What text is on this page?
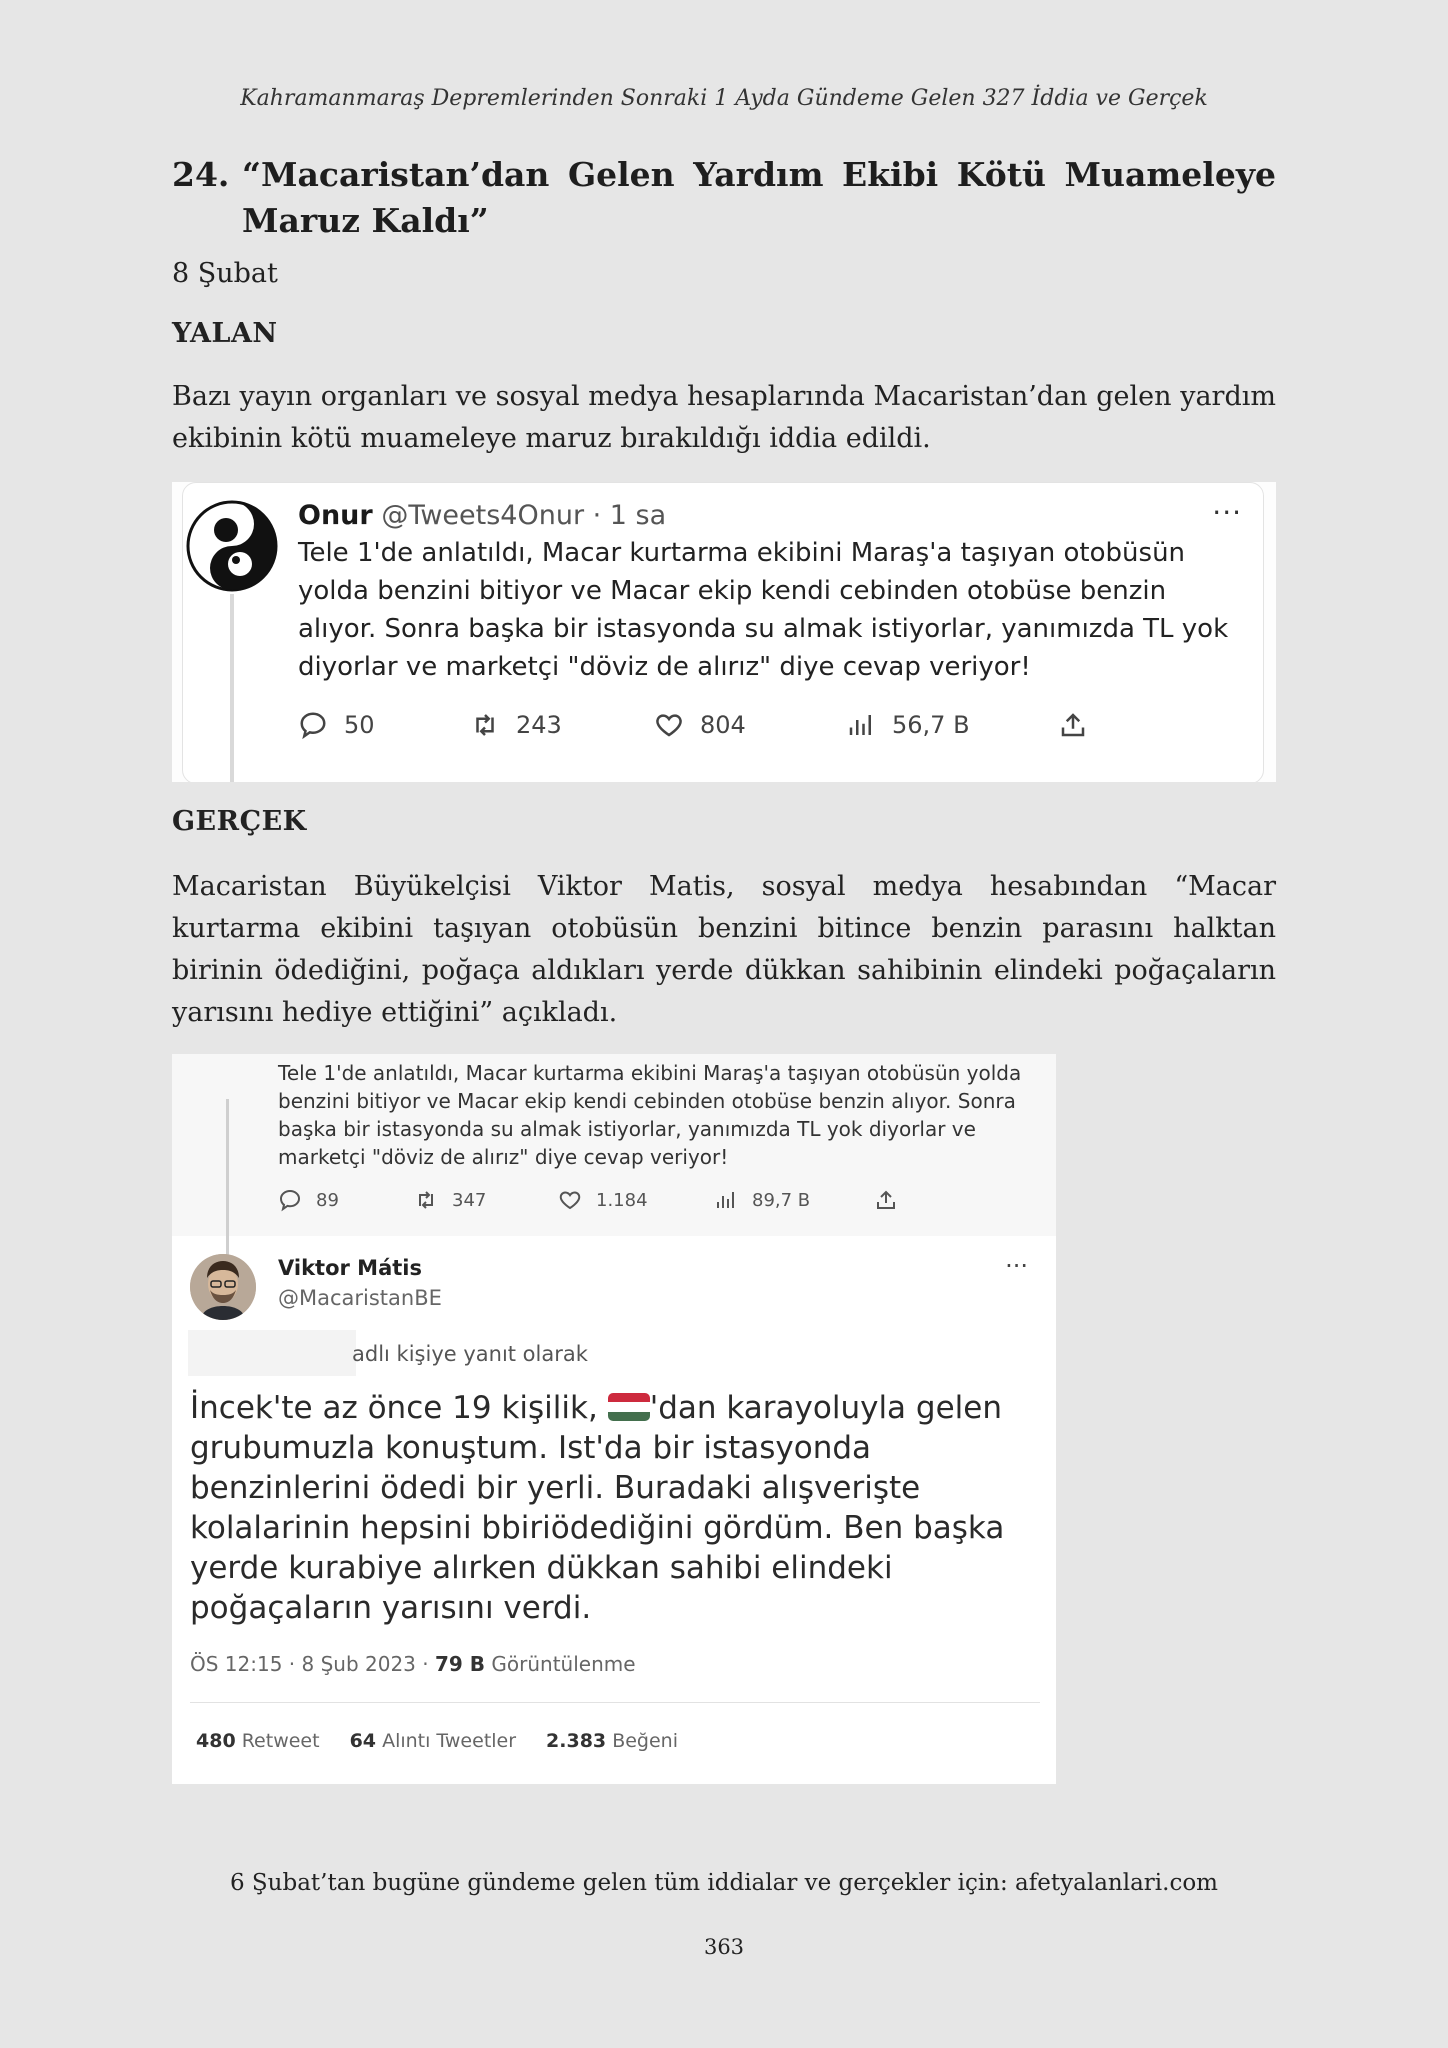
Kahramanmaraş Depremlerinden Sonraki 1 Ayda Gündeme Gelen 327 İddia ve Gerçek
24. “Macaristan’dan Gelen Yardım Ekibi Kötü Muameleye Maruz Kaldı”
8 Şubat
YALAN
Bazı yayın organları ve sosyal medya hesaplarında Macaristan’dan gelen yardım ekibinin kötü muameleye maruz bırakıldığı iddia edildi.
Onur @Tweets4Onur · 1 sa	···
Tele 1'de anlatıldı, Macar kurtarma ekibini Maraş'a taşıyan otobüsün yolda benzini bitiyor ve Macar ekip kendi cebinden otobüse benzin alıyor. Sonra başka bir istasyonda su almak istiyorlar, yanımızda TL yok diyorlar ve marketçi "döviz de alırız" diye cevap veriyor!
50	243	804	56,7 B
GERÇEK
Macaristan Büyükelçisi Viktor Matis, sosyal medya hesabından “Macar kurtarma ekibini taşıyan otobüsün benzini bitince benzin parasını halktan birinin ödediğini, poğaça aldıkları yerde dükkan sahibinin elindeki poğaçaların yarısını hediye ettiğini” açıkladı.
Tele 1'de anlatıldı, Macar kurtarma ekibini Maraş'a taşıyan otobüsün yolda benzini bitiyor ve Macar ekip kendi cebinden otobüse benzin alıyor. Sonra başka bir istasyonda su almak istiyorlar, yanımızda TL yok diyorlar ve marketçi "döviz de alırız" diye cevap veriyor!
89	347	1.184	89,7 B
Viktor Mátis
@MacaristanBE
···
adlı kişiye yanıt olarak
İncek'te az önce 19 kişilik,
'dan karayoluyla gelen grubumuzla konuştum. Ist'da bir istasyonda benzinlerini ödedi bir yerli. Buradaki alışverişte kolalarinin hepsini bbiriödediğini gördüm. Ben başka yerde kurabiye alırken dükkan sahibi elindeki poğaçaların yarısını verdi.
ÖS 12:15 · 8 Şub 2023 · 79 B Görüntülenme
480 Retweet 64 Alıntı Tweetler 2.383 Beğeni
6 Şubat’tan bugüne gündeme gelen tüm iddialar ve gerçekler için: afetyalanlari.com
363
